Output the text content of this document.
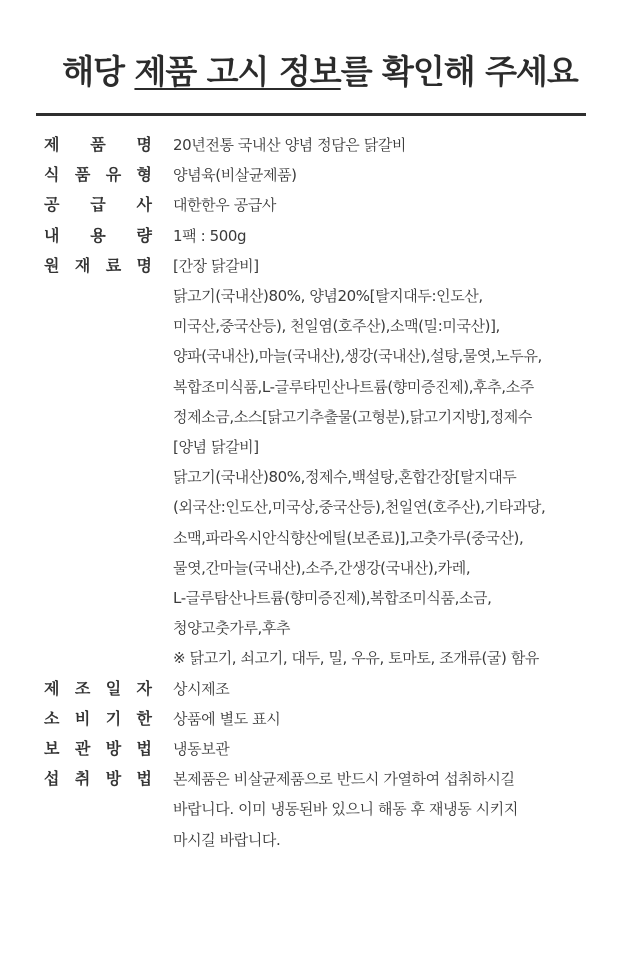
해당 제품 고시 정보를 확인해 주세요
제 품 명 20년전통 국내산 양념 정담은 닭갈비
식 품 유 형 양념육(비살균제품)
공 급 사 대한한우 공급사
내 용 량 1팩 : 500g
원 재 료 명 [간장 닭갈비]
닭고기(국내산)80%, 양념20%[탈지대두:인도산,
미국산,중국산등), 천일염(호주산),소맥(밀:미국산)],
양파(국내산),마늘(국내산),생강(국내산),설탕,물엿,노두유,
복합조미식품,L-글루타민산나트륨(향미증진제),후추,소주
정제소금,소스[닭고기추출물(고형분),닭고기지방],정제수
[양념 닭갈비]
닭고기(국내산)80%,정제수,백설탕,혼합간장[탈지대두
(외국산:인도산,미국상,중국산등),천일연(호주산),기타과당,
소맥,파라옥시안식향산에틸(보존료)],고춧가루(중국산),
물엿,간마늘(국내산),소주,간생강(국내산),카레,
L-글루탐산나트륨(향미증진제),복합조미식품,소금,
청양고춧가루,후추
※ 닭고기, 쇠고기, 대두, 밀, 우유, 토마토, 조개류(굴) 함유
제 조 일 자 상시제조
소 비 기 한 상품에 별도 표시
보 관 방 법 냉동보관
섭 취 방 법 본제품은 비살균제품으로 반드시 가열하여 섭취하시길
바랍니다. 이미 냉동된바 있으니 해동 후 재냉동 시키지
마시길 바랍니다.
